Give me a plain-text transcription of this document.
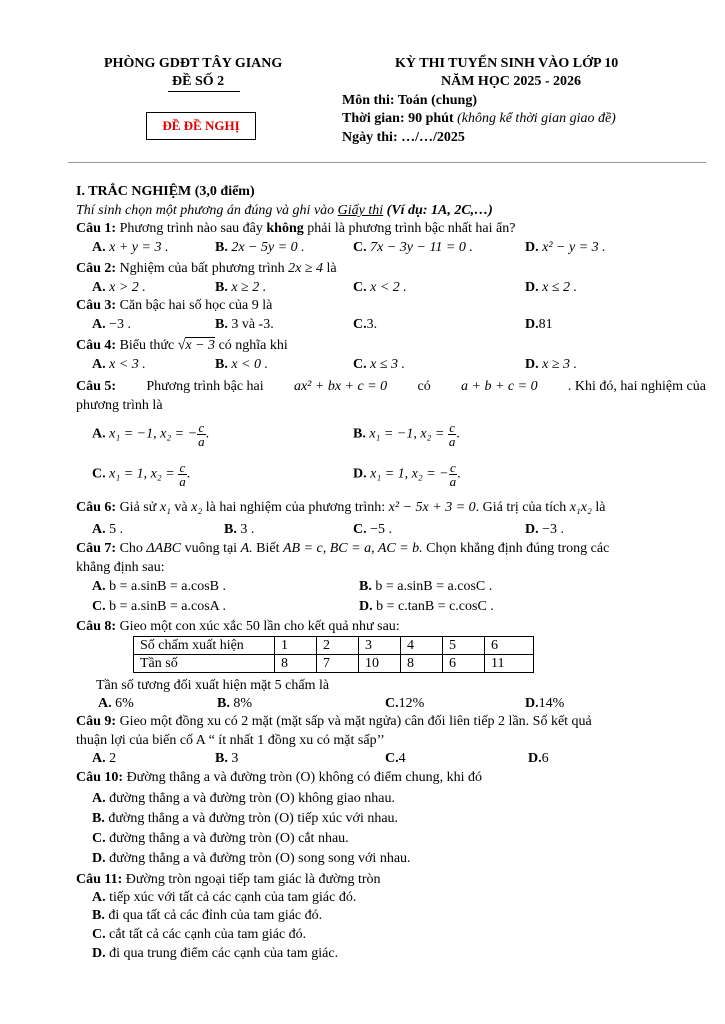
PHÒNG GDĐT TÂY GIANG
ĐỀ SỐ 2
ĐỀ ĐỀ NGHỊ
KỲ THI TUYỂN SINH VÀO LỚP 10
NĂM HỌC 2025 - 2026
Môn thi: Toán (chung)
Thời gian: 90 phút (không kể thời gian giao đề)
Ngày thi: …/…/2025
I. TRẮC NGHIỆM (3,0 điểm)
Thí sinh chọn một phương án đúng và ghi vào Giấy thi (Ví dụ: 1A, 2C,…)
Câu 1: Phương trình nào sau đây không phải là phương trình bậc nhất hai ẩn?
A. x + y = 3 .	B. 2x − 5y = 0 .	C. 7x − 3y − 11 = 0 .	D. x² − y = 3 .
Câu 2: Nghiệm của bất phương trình 2x ≥ 4 là
A. x > 2 .	B. x ≥ 2 .	C. x < 2 .	D. x ≤ 2 .
Câu 3: Căn bậc hai số học của 9 là
A. −3 .	B. 3 và -3.	C.3.	D.81
Câu 4: Biểu thức √x − 3 có nghĩa khi
A. x < 3 .	B. x < 0 .	C. x ≤ 3 .	D. x ≥ 3 .
Câu 5: Phương trình bậc hai ax² + bx + c = 0 có a + b + c = 0 . Khi đó, hai nghiệm của
phương trình là
A. x₁ = −1, x₂ = − $\frac{c}{a}$ .	B. x₁ = −1, $x_2 = \frac{c}{a}$ .
C. x₁ = 1, $x_2 = \frac{c}{a}$ .	D. x₁ = 1, x₂ = − $\frac{c}{a}$ .
Câu 6: Giả sử x₁ và x₂ là hai nghiệm của phương trình: x² − 5x + 3 = 0. Giá trị của tích x₁x₂ là
A. 5 .	B. 3 .	C. −5 .	D. −3 .
Câu 7: Cho ΔABC vuông tại A. Biết AB = c, BC = a, AC = b. Chọn khẳng định đúng trong các
khẳng định sau:
A. b = a.sinB = a.cosB .	B. b = a.sinB = a.cosC .
C. b = a.sinB = a.cosA .	D. b = c.tanB = c.cosC .
Câu 8: Gieo một con xúc xắc 50 lần cho kết quả như sau:
Số chấm xuất hiện	1	2	3	4	5	6
Tần số	8	7	10	8	6	11
Tần số tương đối xuất hiện mặt 5 chấm là
A. 6%	B. 8%	C.12%	D.14%
Câu 9: Gieo một đồng xu có 2 mặt (mặt sấp và mặt ngửa) cân đối liên tiếp 2 lần. Số kết quả
thuận lợi của biến cố A “ ít nhất 1 đồng xu có mặt sấp’’
A. 2	B. 3	C.4	D.6
Câu 10: Đường thẳng a và đường tròn (O) không có điểm chung, khi đó
A. đường thẳng a và đường tròn (O) không giao nhau.
B. đường thẳng a và đường tròn (O) tiếp xúc với nhau.
C. đường thẳng a và đường tròn (O) cắt nhau.
D. đường thẳng a và đường tròn (O) song song với nhau.
Câu 11: Đường tròn ngoại tiếp tam giác là đường tròn
A. tiếp xúc với tất cả các cạnh của tam giác đó.
B. đi qua tất cả các đỉnh của tam giác đó.
C. cắt tất cả các cạnh của tam giác đó.
D. đi qua trung điểm các cạnh của tam giác.
